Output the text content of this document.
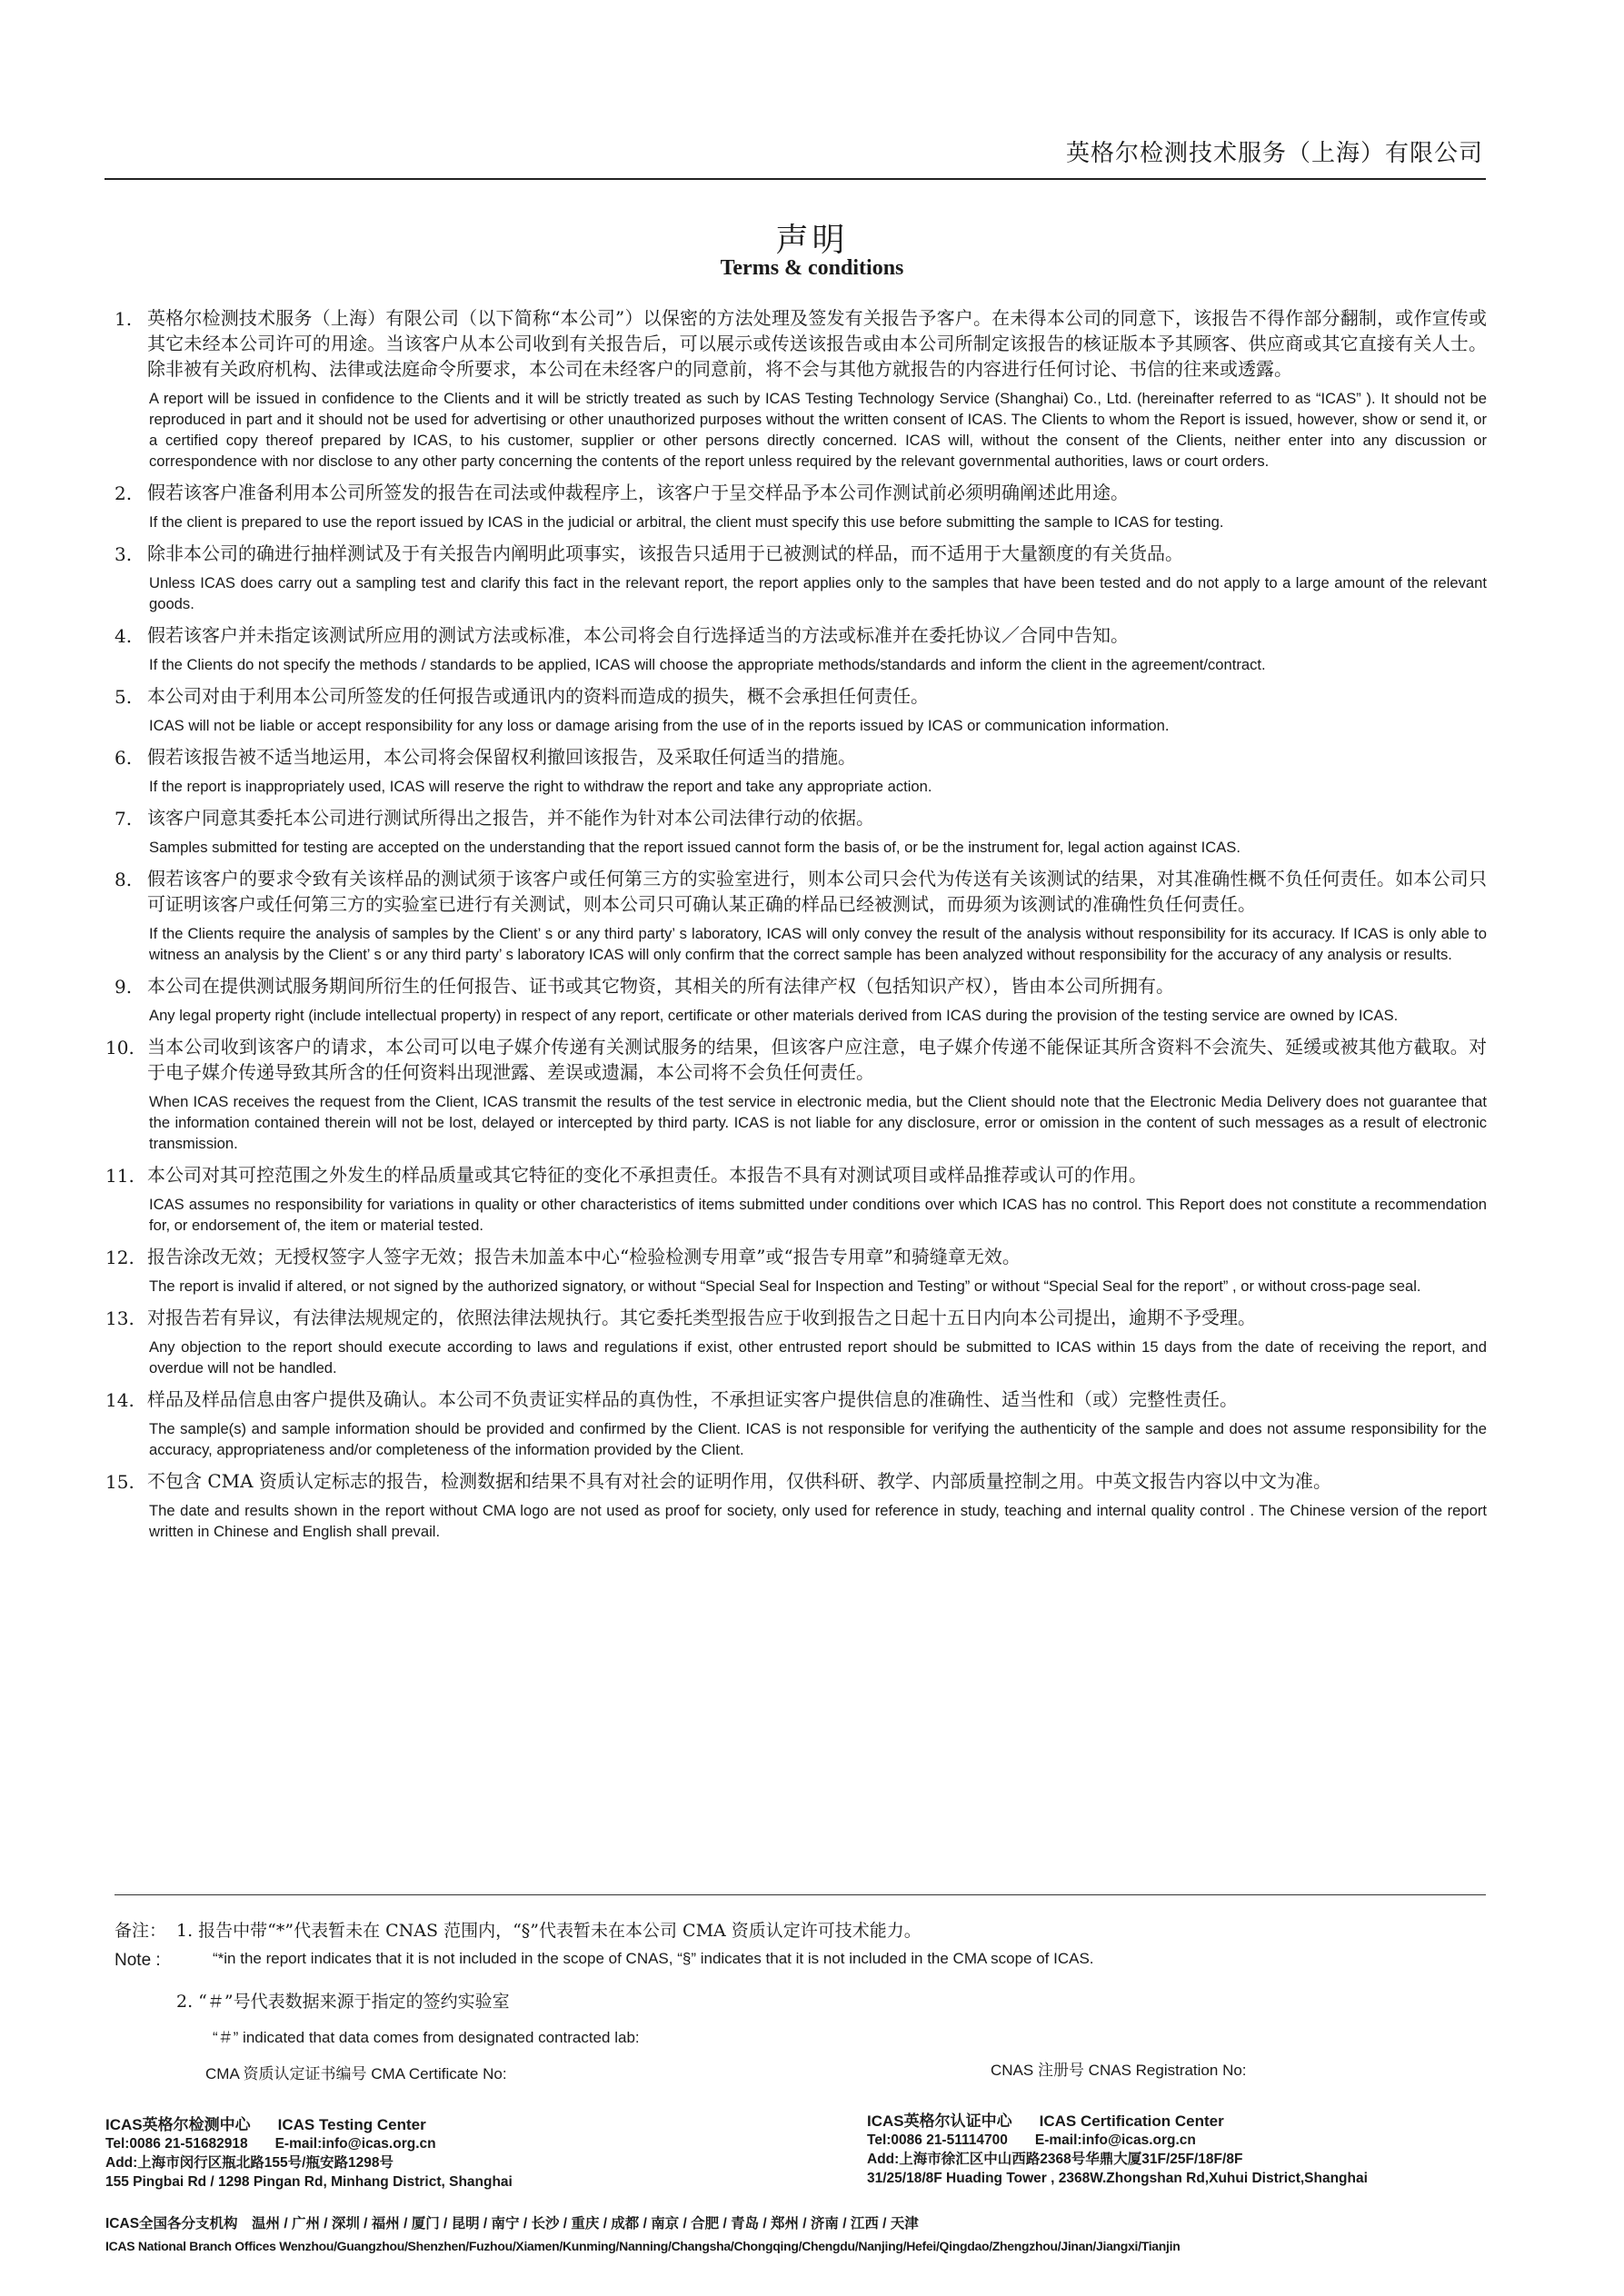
英格尔检测技术服务（上海）有限公司
声明
Terms & conditions
1. 英格尔检测技术服务（上海）有限公司（以下简称“本公司”）以保密的方法处理及签发有关报告予客户。在未得本公司的同意下，该报告不得作部分翻制，或作宣传或其它未经本公司许可的用途。当该客户从本公司收到有关报告后，可以展示或传送该报告或由本公司所制定该报告的核证版本予其顾客、供应商或其它直接有关人士。除非被有关政府机构、法律或法庭命令所要求，本公司在未经客户的同意前，将不会与其他方就报告的内容进行任何讨论、书信的往来或透露。
A report will be issued in confidence to the Clients and it will be strictly treated as such by ICAS Testing Technology Service (Shanghai) Co., Ltd. (hereinafter referred to as “ICAS” ). It should not be reproduced in part and it should not be used for advertising or other unauthorized purposes without the written consent of ICAS. The Clients to whom the Report is issued, however, show or send it, or a certified copy thereof prepared by ICAS, to his customer, supplier or other persons directly concerned. ICAS will, without the consent of the Clients, neither enter into any discussion or correspondence with nor disclose to any other party concerning the contents of the report unless required by the relevant governmental authorities, laws or court orders.
2. 假若该客户准备利用本公司所签发的报告在司法或仲裁程序上，该客户于呈交样品予本公司作测试前必须明确阐述此用途。
If the client is prepared to use the report issued by ICAS in the judicial or arbitral, the client must specify this use before submitting the sample to ICAS for testing.
3. 除非本公司的确进行抽样测试及于有关报告内阐明此项事实，该报告只适用于已被测试的样品，而不适用于大量额度的有关货品。
Unless ICAS does carry out a sampling test and clarify this fact in the relevant report, the report applies only to the samples that have been tested and do not apply to a large amount of the relevant goods.
4. 假若该客户并未指定该测试所应用的测试方法或标准，本公司将会自行选择适当的方法或标准并在委托协议／合同中告知。
If the Clients do not specify the methods / standards to be applied, ICAS will choose the appropriate methods/standards and inform the client in the agreement/contract.
5. 本公司对由于利用本公司所签发的任何报告或通讯内的资料而造成的损失，概不会承担任何责任。
ICAS will not be liable or accept responsibility for any loss or damage arising from the use of in the reports issued by ICAS or communication information.
6. 假若该报告被不适当地运用，本公司将会保留权利撤回该报告，及采取任何适当的措施。
If the report is inappropriately used, ICAS will reserve the right to withdraw the report and take any appropriate action.
7. 该客户同意其委托本公司进行测试所得出之报告，并不能作为针对本公司法律行动的依据。
Samples submitted for testing are accepted on the understanding that the report issued cannot form the basis of, or be the instrument for, legal action against ICAS.
8. 假若该客户的要求令致有关该样品的测试须于该客户或任何第三方的实验室进行，则本公司只会代为传送有关该测试的结果，对其准确性概不负任何责任。如本公司只可证明该客户或任何第三方的实验室已进行有关测试，则本公司只可确认某正确的样品已经被测试，而毋须为该测试的准确性负任何责任。
If the Clients require the analysis of samples by the Client’ s or any third party’ s laboratory, ICAS will only convey the result of the analysis without responsibility for its accuracy. If ICAS is only able to witness an analysis by the Client’ s or any third party’ s laboratory ICAS will only confirm that the correct sample has been analyzed without responsibility for the accuracy of any analysis or results.
9. 本公司在提供测试服务期间所衍生的任何报告、证书或其它物资，其相关的所有法律产权（包括知识产权），皆由本公司所拥有。
Any legal property right (include intellectual property) in respect of any report, certificate or other materials derived from ICAS during the provision of the testing service are owned by ICAS.
10. 当本公司收到该客户的请求，本公司可以电子媒介传递有关测试服务的结果，但该客户应注意，电子媒介传递不能保证其所含资料不会流失、延缓或被其他方截取。对于电子媒介传递导致其所含的任何资料出现泄露、差误或遗漏，本公司将不会负任何责任。
When ICAS receives the request from the Client, ICAS transmit the results of the test service in electronic media, but the Client should note that the Electronic Media Delivery does not guarantee that the information contained therein will not be lost, delayed or intercepted by third party. ICAS is not liable for any disclosure, error or omission in the content of such messages as a result of electronic transmission.
11. 本公司对其可控范围之外发生的样品质量或其它特征的变化不承担责任。本报告不具有对测试项目或样品推荐或认可的作用。
ICAS assumes no responsibility for variations in quality or other characteristics of items submitted under conditions over which ICAS has no control. This Report does not constitute a recommendation for, or endorsement of, the item or material tested.
12. 报告涂改无效；无授权签字人签字无效；报告未加盖本中心“检验检测专用章”或“报告专用章”和骑缝章无效。
The report is invalid if altered, or not signed by the authorized signatory, or without “Special Seal for Inspection and Testing” or without “Special Seal for the report” , or without cross-page seal.
13. 对报告若有异议，有法律法规规定的，依照法律法规执行。其它委托类型报告应于收到报告之日起十五日内向本公司提出，逾期不予受理。
Any objection to the report should execute according to laws and regulations if exist, other entrusted report should be submitted to ICAS within 15 days from the date of receiving the report, and overdue will not be handled.
14. 样品及样品信息由客户提供及确认。本公司不负责证实样品的真伪性，不承担证实客户提供信息的准确性、适当性和（或）完整性责任。
The sample(s) and sample information should be provided and confirmed by the Client. ICAS is not responsible for verifying the authenticity of the sample and does not assume responsibility for the accuracy, appropriateness and/or completeness of the information provided by the Client.
15. 不包含 CMA 资质认定标志的报告，检测数据和结果不具有对社会的证明作用，仅供科研、教学、内部质量控制之用。中英文报告内容以中文为准。
The date and results shown in the report without CMA logo are not used as proof for society, only used for reference in study, teaching and internal quality control . The Chinese version of the report written in Chinese and English shall prevail.
备注： 1. 报告中带“*”代表暂未在 CNAS 范围内，“§”代表暂未在本公司 CMA 资质认定许可技术能力。
Note :	“*in the report indicates that it is not included in the scope of CNAS, “§” indicates that it is not included in the CMA scope of ICAS.
2. “＃”号代表数据来源于指定的签约实验室
“＃” indicated that data comes from designated contracted lab:
CMA 资质认定证书编号 CMA Certificate No:	CNAS 注册号 CNAS Registration No:
ICAS英格尔检测中心 ICAS Testing Center
Tel:0086 21-51682918 E-mail:info@icas.org.cn
Add:上海市闵行区瓶北路155号/瓶安路1298号
155 Pingbai Rd / 1298 Pingan Rd, Minhang District, Shanghai
ICAS英格尔认证中心 ICAS Certification Center
Tel:0086 21-51114700 E-mail:info@icas.org.cn
Add:上海市徐汇区中山西路2368号华鼎大厦31F/25F/18F/8F
31/25/18/8F Huading Tower , 2368W.Zhongshan Rd,Xuhui District,Shanghai
ICAS全国各分支机构　温州 / 广州 / 深圳 / 福州 / 厦门 / 昆明 / 南宁 / 长沙 / 重庆 / 成都 / 南京 / 合肥 / 青岛 / 郑州 / 济南 / 江西 / 天津
ICAS National Branch Offices Wenzhou/Guangzhou/Shenzhen/Fuzhou/Xiamen/Kunming/Nanning/Changsha/Chongqing/Chengdu/Nanjing/Hefei/Qingdao/Zhengzhou/Jinan/Jiangxi/Tianjin
